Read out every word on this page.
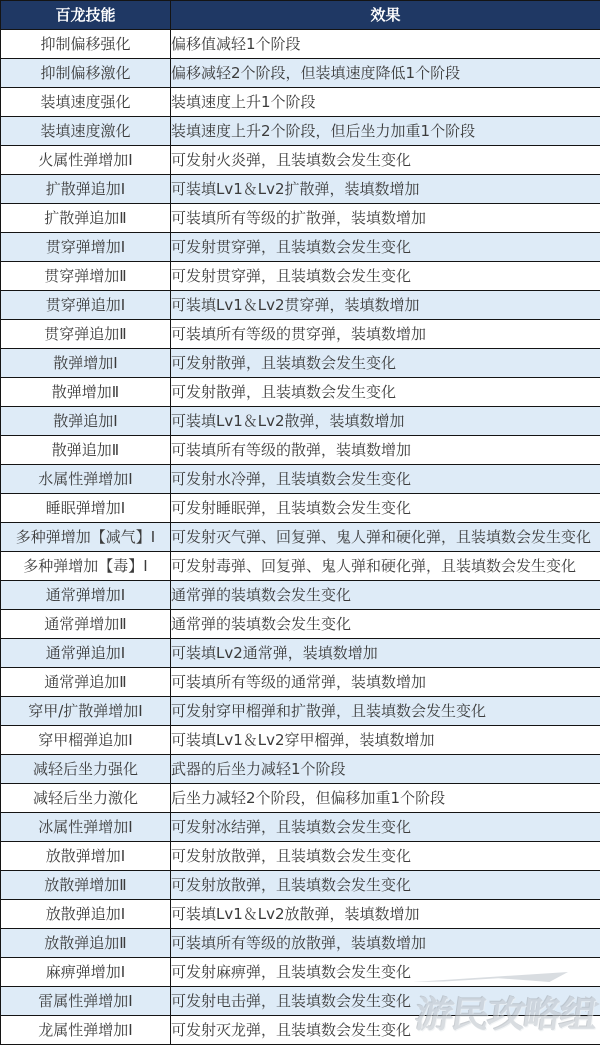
百龙技能	效果
抑制偏移强化	偏移值减轻1个阶段
抑制偏移激化	偏移减轻2个阶段，但装填速度降低1个阶段
装填速度强化	装填速度上升1个阶段
装填速度激化	装填速度上升2个阶段，但后坐力加重1个阶段
火属性弹增加Ⅰ	可发射火炎弹，且装填数会发生变化
扩散弹追加Ⅰ	可装填Lv1＆Lv2扩散弹，装填数增加
扩散弹追加Ⅱ	可装填所有等级的扩散弹，装填数增加
贯穿弹增加Ⅰ	可发射贯穿弹，且装填数会发生变化
贯穿弹增加Ⅱ	可发射贯穿弹，且装填数会发生变化
贯穿弹追加Ⅰ	可装填Lv1＆Lv2贯穿弹，装填数增加
贯穿弹追加Ⅱ	可装填所有等级的贯穿弹，装填数增加
散弹增加Ⅰ	可发射散弹，且装填数会发生变化
散弹增加Ⅱ	可发射散弹，且装填数会发生变化
散弹追加Ⅰ	可装填Lv1＆Lv2散弹，装填数增加
散弹追加Ⅱ	可装填所有等级的散弹，装填数增加
水属性弹增加Ⅰ	可发射水冷弹，且装填数会发生变化
睡眠弹增加Ⅰ	可发射睡眠弹，且装填数会发生变化
多种弹增加【减气】Ⅰ	可发射灭气弹、回复弹、鬼人弹和硬化弹，且装填数会发生变化
多种弹增加【毒】Ⅰ	可发射毒弹、回复弹、鬼人弹和硬化弹，且装填数会发生变化
通常弹增加Ⅰ	通常弹的装填数会发生变化
通常弹增加Ⅱ	通常弹的装填数会发生变化
通常弹追加Ⅰ	可装填Lv2通常弹，装填数增加
通常弹追加Ⅱ	可装填所有等级的通常弹，装填数增加
穿甲/扩散弹增加Ⅰ	可发射穿甲榴弹和扩散弹，且装填数会发生变化
穿甲榴弹追加Ⅰ	可装填Lv1＆Lv2穿甲榴弹，装填数增加
减轻后坐力强化	武器的后坐力减轻1个阶段
减轻后坐力激化	后坐力减轻2个阶段，但偏移加重1个阶段
冰属性弹增加Ⅰ	可发射冰结弹，且装填数会发生变化
放散弹增加Ⅰ	可发射放散弹，且装填数会发生变化
放散弹增加Ⅱ	可发射放散弹，且装填数会发生变化
放散弹追加Ⅰ	可装填Lv1＆Lv2放散弹，装填数增加
放散弹追加Ⅱ	可装填所有等级的放散弹，装填数增加
麻痹弹增加Ⅰ	可发射麻痹弹，且装填数会发生变化
雷属性弹增加Ⅰ	可发射电击弹，且装填数会发生变化
龙属性弹增加Ⅰ	可发射灭龙弹，且装填数会发生变化 游民攻略组
